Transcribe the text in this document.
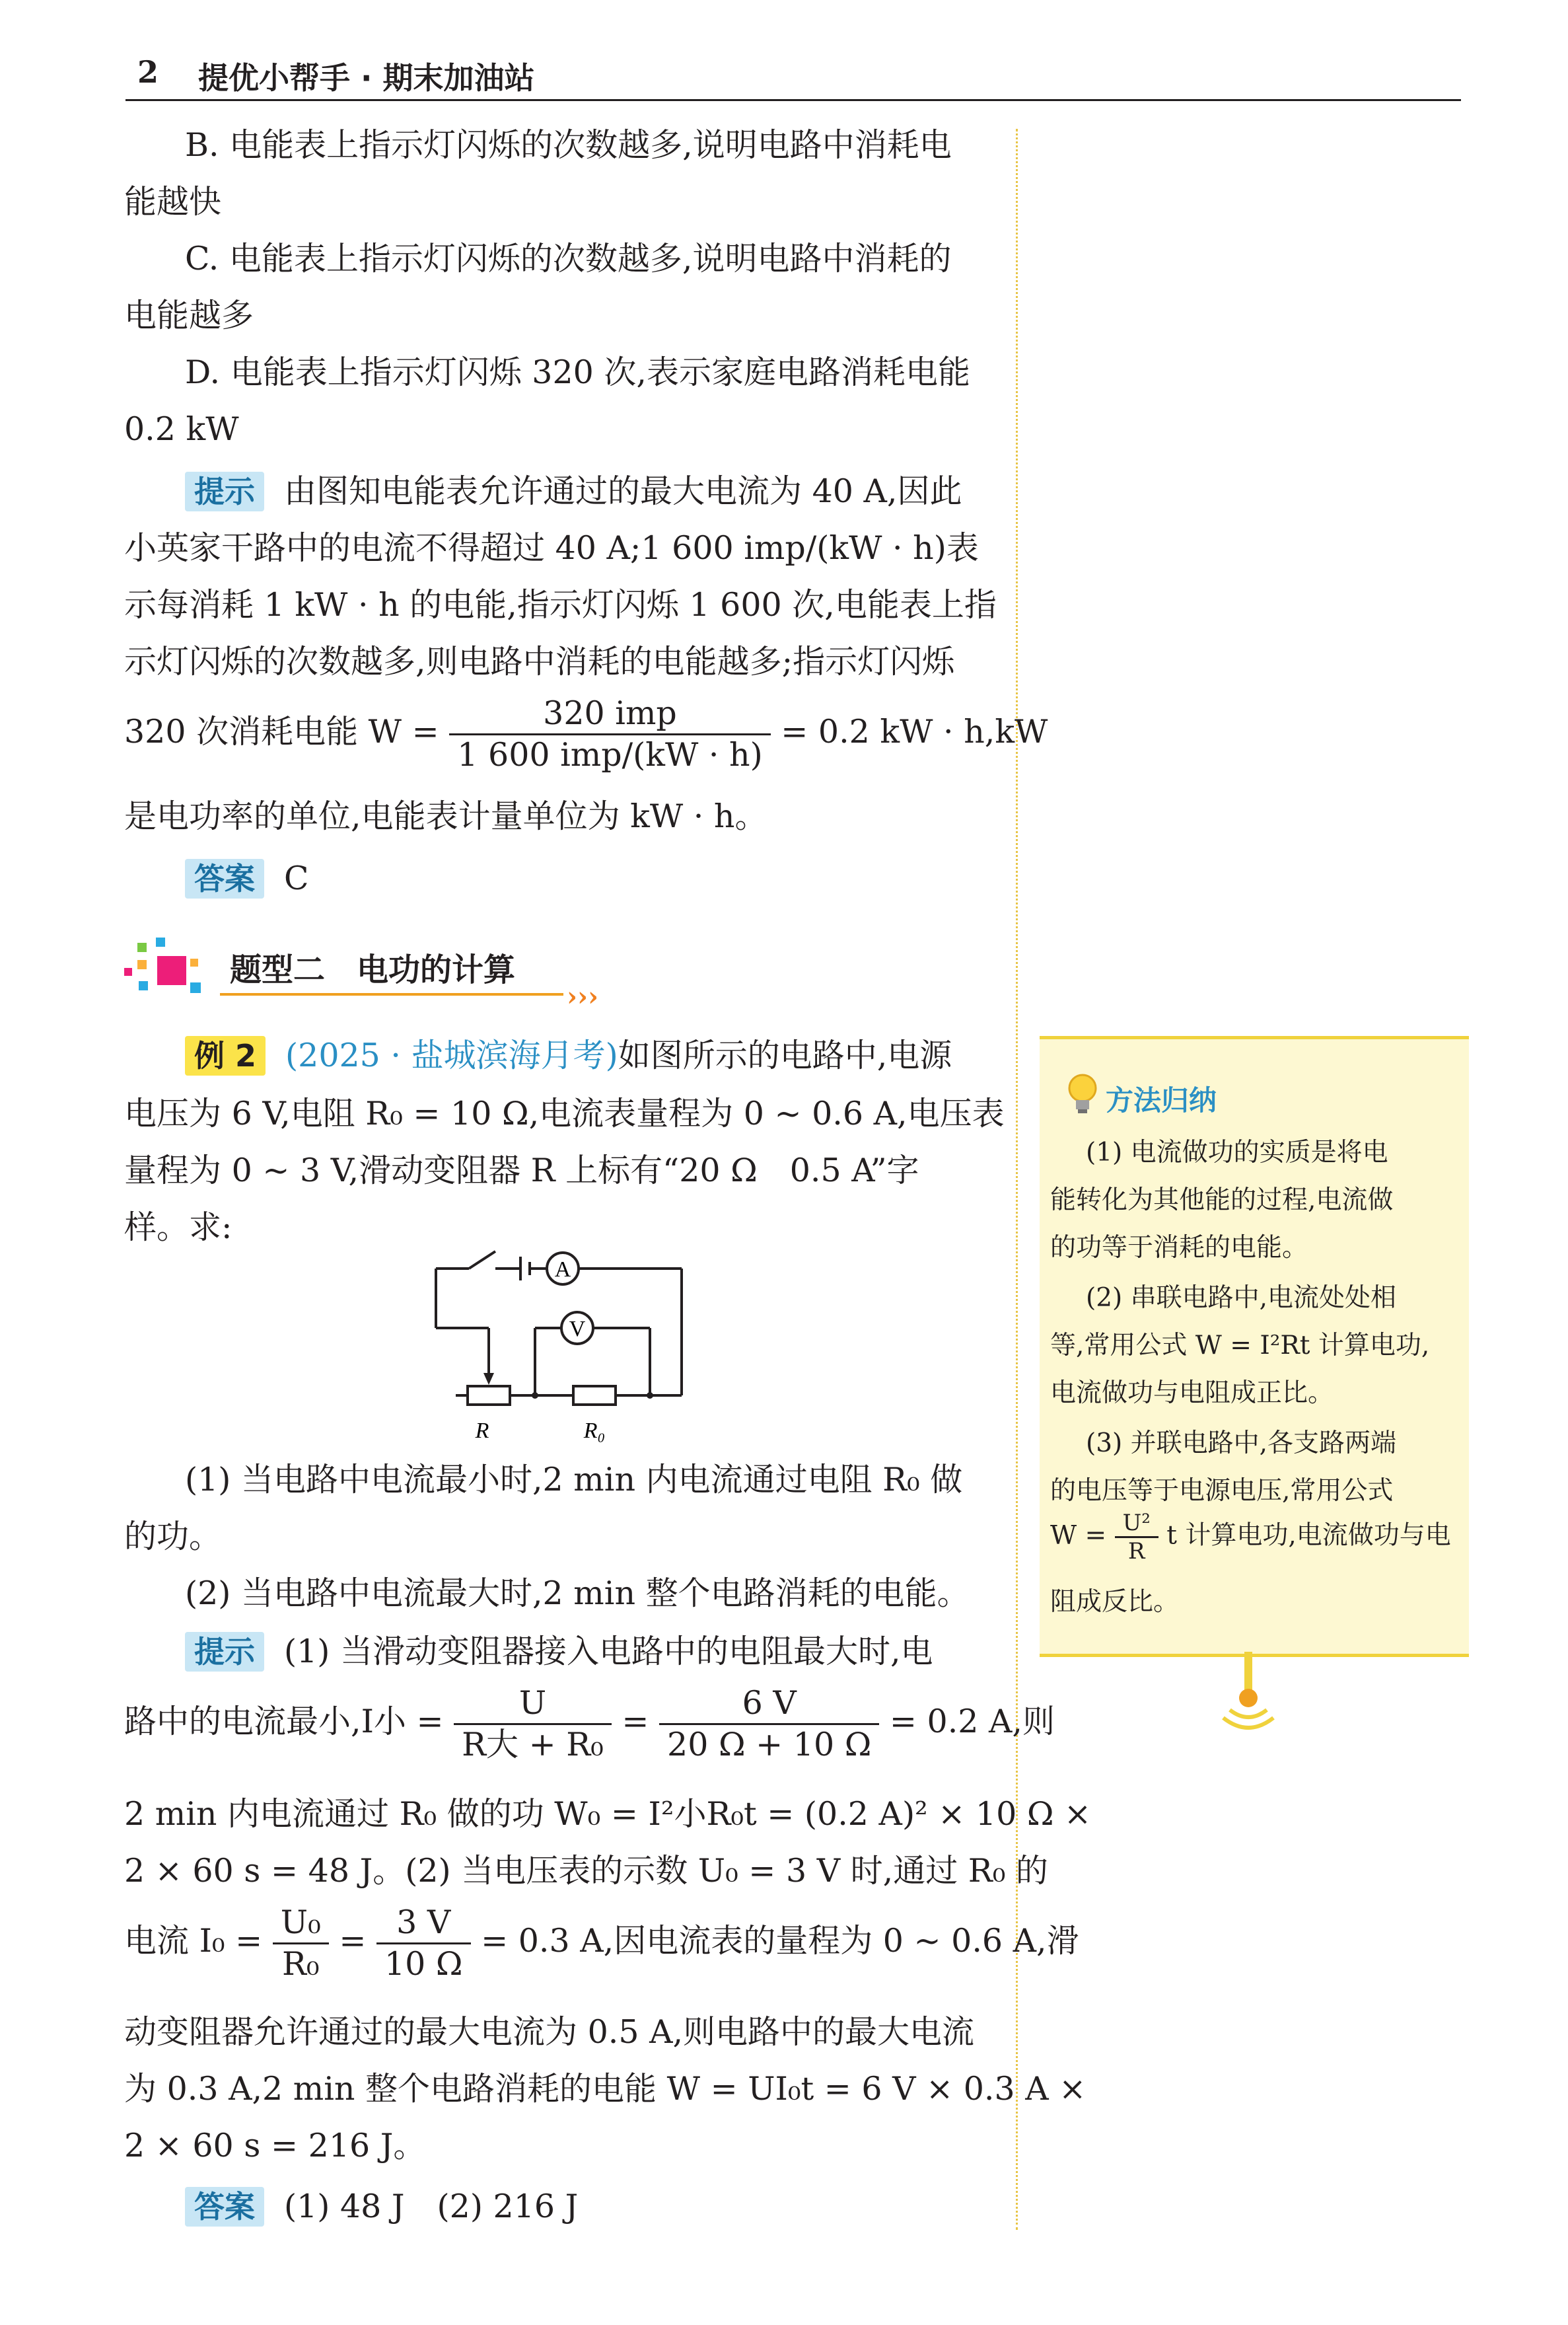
2 提优小帮手 · 期末加油站
B. 电能表上指示灯闪烁的次数越多,说明电路中消耗电
能越快
C. 电能表上指示灯闪烁的次数越多,说明电路中消耗的
电能越多
D. 电能表上指示灯闪烁 320 次,表示家庭电路消耗电能
0.2 kW
提示 由图知电能表允许通过的最大电流为 40 A,因此
小英家干路中的电流不得超过 40 A;1 600 imp/(kW · h)表
示每消耗 1 kW · h 的电能,指示灯闪烁 1 600 次,电能表上指
示灯闪烁的次数越多,则电路中消耗的电能越多;指示灯闪烁
320 次消耗电能 $W = \frac{\text{320 imp}}{\text{1 600 imp/(kW · h)}} = 0.2$ kW · h,kW
是电功率的单位,电能表计量单位为 kW · h。
答案 C
题型二　电功的计算
›››
例 2 (2025 · 盐城滨海月考)如图所示的电路中,电源
电压为 6 V,电阻 R₀ = 10 Ω,电流表量程为 0 ~ 0.6 A,电压表
量程为 0 ~ 3 V,滑动变阻器 R 上标有“20 Ω　0.5 A”字
样。求:
A
V
R	R₀
(1) 当电路中电流最小时,2 min 内电流通过电阻 R₀ 做
的功。
(2) 当电路中电流最大时,2 min 整个电路消耗的电能。
提示 (1) 当滑动变阻器接入电路中的电阻最大时,电
路中的电流最小,I小 = $\frac{U}{\text{R大 + R₀}} = \frac{6 V}{20 \Omega + 10 \Omega} = 0.2$ A,则
2 min 内电流通过 R₀ 做的功 W₀ = I²小R₀t = (0.2 A)² × 10 Ω ×
2 × 60 s = 48 J。(2) 当电压表的示数 U₀ = 3 V 时,通过 R₀ 的
电流 $I_0 = \frac{\text{U₀}}{\text{R₀}} = \frac{3 V}{10 \Omega} = 0.3$ A,因电流表的量程为 0 ~ 0.6 A,滑
动变阻器允许通过的最大电流为 0.5 A,则电路中的最大电流
为 0.3 A,2 min 整个电路消耗的电能 W = UI₀t = 6 V × 0.3 A ×
2 × 60 s = 216 J。
答案 (1) 48 J　(2) 216 J
方法归纳
(1) 电流做功的实质是将电
能转化为其他能的过程,电流做
的功等于消耗的电能。
(2) 串联电路中,电流处处相
等,常用公式 W = I²Rt 计算电功,
电流做功与电阻成正比。
(3) 并联电路中,各支路两端
的电压等于电源电压,常用公式
$W = \frac{\text{U²}}{R}$ t 计算电功,电流做功与电
阻成反比。
